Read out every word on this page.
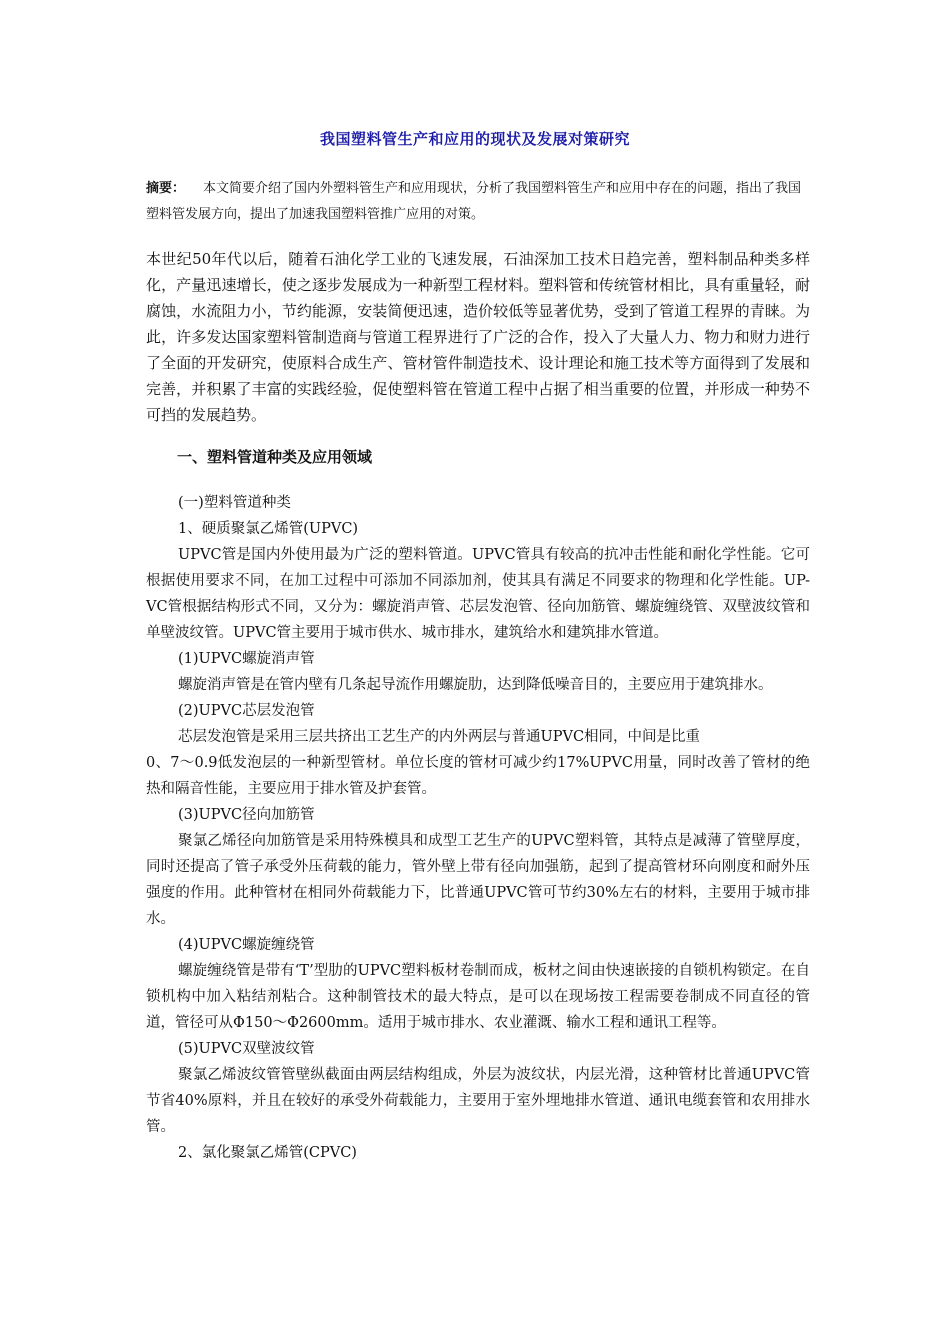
我国塑料管生产和应用的现状及发展对策研究
摘要： 本文简要介绍了国内外塑料管生产和应用现状，分析了我国塑料管生产和应用中存在的问题，指出了我国塑料管发展方向，提出了加速我国塑料管推广应用的对策。
本世纪50年代以后，随着石油化学工业的飞速发展，石油深加工技术日趋完善，塑料制品种类多样化，产量迅速增长，使之逐步发展成为一种新型工程材料。塑料管和传统管材相比，具有重量轻，耐腐蚀，水流阻力小，节约能源，安装简便迅速，造价较低等显著优势，受到了管道工程界的青睐。为此，许多发达国家塑料管制造商与管道工程界进行了广泛的合作，投入了大量人力、物力和财力进行了全面的开发研究，使原料合成生产、管材管件制造技术、设计理论和施工技术等方面得到了发展和完善，并积累了丰富的实践经验，促使塑料管在管道工程中占据了相当重要的位置，并形成一种势不可挡的发展趋势。
一、塑料管道种类及应用领域

(一)塑料管道种类

1、硬质聚氯乙烯管(UPVC)

UPVC管是国内外使用最为广泛的塑料管道。UPVC管具有较高的抗冲击性能和耐化学性能。它可根据使用要求不同，在加工过程中可添加不同添加剂，使其具有满足不同要求的物理和化学性能。UP-VC管根据结构形式不同，又分为：螺旋消声管、芯层发泡管、径向加筋管、螺旋缠绕管、双壁波纹管和单壁波纹管。UPVC管主要用于城市供水、城市排水，建筑给水和建筑排水管道。

(1)UPVC螺旋消声管

螺旋消声管是在管内壁有几条起导流作用螺旋肋，达到降低噪音目的，主要应用于建筑排水。

(2)UPVC芯层发泡管

芯层发泡管是采用三层共挤出工艺生产的内外两层与普通UPVC相同，中间是比重

0、7～0.9低发泡层的一种新型管材。单位长度的管材可减少约17%UPVC用量，同时改善了管材的绝热和隔音性能，主要应用于排水管及护套管。

(3)UPVC径向加筋管

聚氯乙烯径向加筋管是采用特殊模具和成型工艺生产的UPVC塑料管，其特点是减薄了管壁厚度，同时还提高了管子承受外压荷载的能力，管外壁上带有径向加强筋，起到了提高管材环向刚度和耐外压强度的作用。此种管材在相同外荷载能力下，比普通UPVC管可节约30%左右的材料，主要用于城市排水。

(4)UPVC螺旋缠绕管

螺旋缠绕管是带有‘T’型肋的UPVC塑料板材卷制而成，板材之间由快速嵌接的自锁机构锁定。在自锁机构中加入粘结剂粘合。这种制管技术的最大特点，是可以在现场按工程需要卷制成不同直径的管道，管径可从Φ150～Φ2600mm。适用于城市排水、农业灌溉、输水工程和通讯工程等。

(5)UPVC双壁波纹管

聚氯乙烯波纹管管壁纵截面由两层结构组成，外层为波纹状，内层光滑，这种管材比普通UPVC管节省40%原料，并且在较好的承受外荷载能力，主要用于室外埋地排水管道、通讯电缆套管和农用排水管。

2、氯化聚氯乙烯管(CPVC)
